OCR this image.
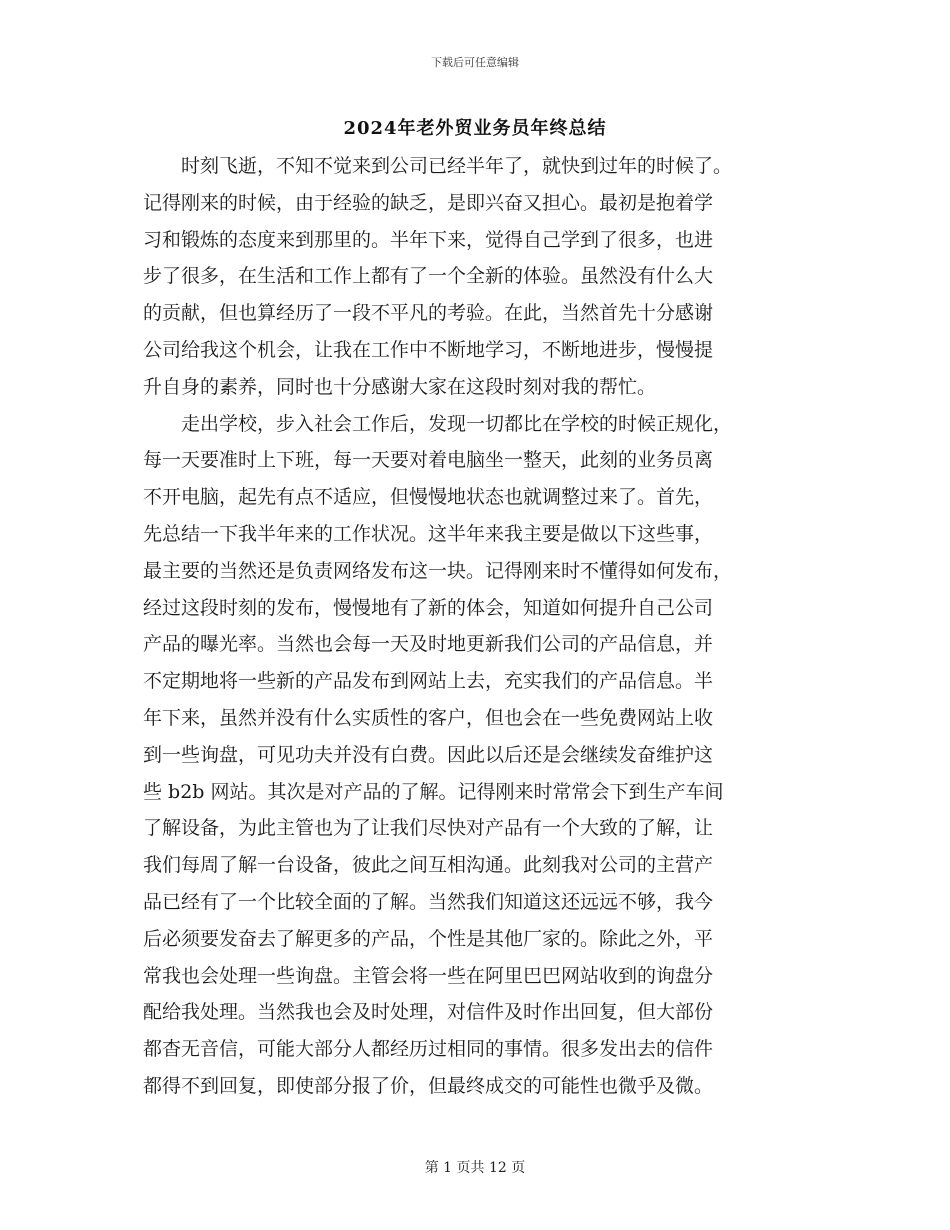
下载后可任意编辑
2024年老外贸业务员年终总结
　　时刻飞逝，不知不觉来到公司已经半年了，就快到过年的时候了。
记得刚来的时候，由于经验的缺乏，是即兴奋又担心。最初是抱着学
习和锻炼的态度来到那里的。半年下来，觉得自己学到了很多，也进
步了很多，在生活和工作上都有了一个全新的体验。虽然没有什么大
的贡献，但也算经历了一段不平凡的考验。在此，当然首先十分感谢
公司给我这个机会，让我在工作中不断地学习，不断地进步，慢慢提
升自身的素养，同时也十分感谢大家在这段时刻对我的帮忙。
　　走出学校，步入社会工作后，发现一切都比在学校的时候正规化，
每一天要准时上下班，每一天要对着电脑坐一整天，此刻的业务员离
不开电脑，起先有点不适应，但慢慢地状态也就调整过来了。首先，
先总结一下我半年来的工作状况。这半年来我主要是做以下这些事，
最主要的当然还是负责网络发布这一块。记得刚来时不懂得如何发布，
经过这段时刻的发布，慢慢地有了新的体会，知道如何提升自己公司
产品的曝光率。当然也会每一天及时地更新我们公司的产品信息，并
不定期地将一些新的产品发布到网站上去，充实我们的产品信息。半
年下来，虽然并没有什么实质性的客户，但也会在一些免费网站上收
到一些询盘，可见功夫并没有白费。因此以后还是会继续发奋维护这
些 b2b 网站。其次是对产品的了解。记得刚来时常常会下到生产车间
了解设备，为此主管也为了让我们尽快对产品有一个大致的了解，让
我们每周了解一台设备，彼此之间互相沟通。此刻我对公司的主营产
品已经有了一个比较全面的了解。当然我们知道这还远远不够，我今
后必须要发奋去了解更多的产品，个性是其他厂家的。除此之外，平
常我也会处理一些询盘。主管会将一些在阿里巴巴网站收到的询盘分
配给我处理。当然我也会及时处理，对信件及时作出回复，但大部份
都杳无音信，可能大部分人都经历过相同的事情。很多发出去的信件
都得不到回复，即使部分报了价，但最终成交的可能性也微乎及微。
第 1 页共 12 页
